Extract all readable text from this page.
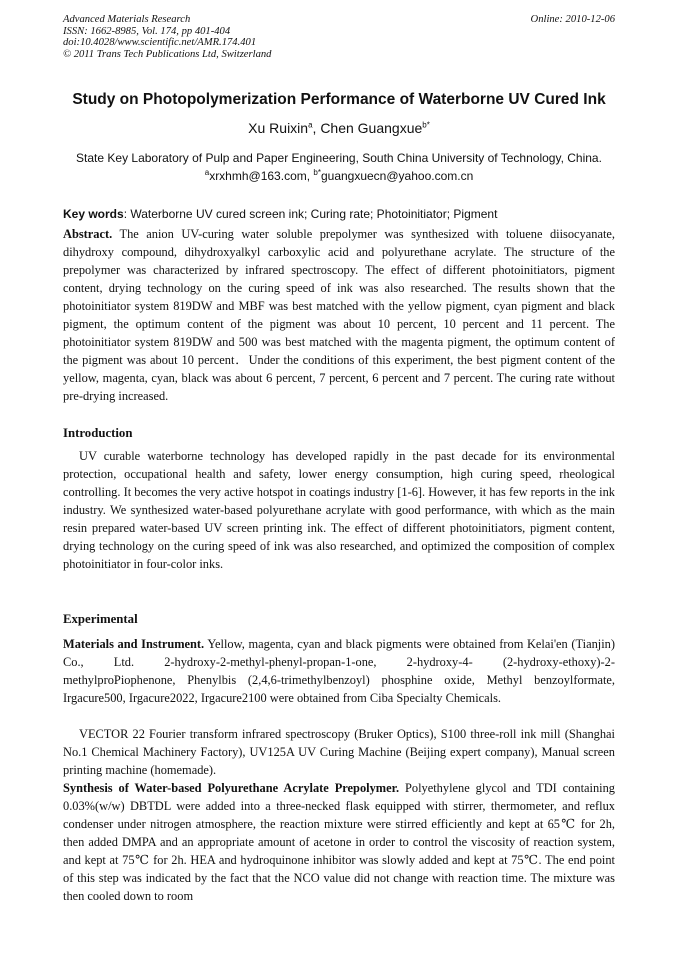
Advanced Materials Research
ISSN: 1662-8985, Vol. 174, pp 401-404
doi:10.4028/www.scientific.net/AMR.174.401
© 2011 Trans Tech Publications Ltd, Switzerland
Online: 2010-12-06
Study on Photopolymerization Performance of Waterborne UV Cured Ink
Xu Ruixin$^a$, Chen Guangxue$^{b*}$
State Key Laboratory of Pulp and Paper Engineering, South China University of Technology, China.
$^a$xrxhmh@163.com, $^{b*}$guangxuecn@yahoo.com.cn
Key words: Waterborne UV cured screen ink; Curing rate; Photoinitiator; Pigment
Abstract. The anion UV-curing water soluble prepolymer was synthesized with toluene diisocyanate, dihydroxy compound, dihydroxyalkyl carboxylic acid and polyurethane acrylate. The structure of the prepolymer was characterized by infrared spectroscopy. The effect of different photoinitiators, pigment content, drying technology on the curing speed of ink was also researched. The results shown that the photoinitiator system 819DW and MBF was best matched with the yellow pigment, cyan pigment and black pigment, the optimum content of the pigment was about 10 percent, 10 percent and 11 percent. The photoinitiator system 819DW and 500 was best matched with the magenta pigment, the optimum content of the pigment was about 10 percent．Under the conditions of this experiment, the best pigment content of the yellow, magenta, cyan, black was about 6 percent, 7 percent, 6 percent and 7 percent. The curing rate without pre-drying increased.
Introduction
UV curable waterborne technology has developed rapidly in the past decade for its environmental protection, occupational health and safety, lower energy consumption, high curing speed, rheological controlling. It becomes the very active hotspot in coatings industry [1-6]. However, it has few reports in the ink industry. We synthesized water-based polyurethane acrylate with good performance, with which as the main resin prepared water-based UV screen printing ink. The effect of different photoinitiators, pigment content, drying technology on the curing speed of ink was also researched, and optimized the composition of complex photoinitiator in four-color inks.
Experimental
Materials and Instrument. Yellow, magenta, cyan and black pigments were obtained from Kelai'en (Tianjin) Co., Ltd. 2-hydroxy-2-methyl-phenyl-propan-1-one, 2-hydroxy-4- (2-hydroxy-ethoxy)-2-methylproPiophenone, Phenylbis (2,4,6-trimethylbenzoyl) phosphine oxide, Methyl benzoylformate, Irgacure500, Irgacure2022, Irgacure2100 were obtained from Ciba Specialty Chemicals.
VECTOR 22 Fourier transform infrared spectroscopy (Bruker Optics), S100 three-roll ink mill (Shanghai No.1 Chemical Machinery Factory), UV125A UV Curing Machine (Beijing expert company), Manual screen printing machine (homemade).
Synthesis of Water-based Polyurethane Acrylate Prepolymer. Polyethylene glycol and TDI containing 0.03%(w/w) DBTDL were added into a three-necked flask equipped with stirrer, thermometer, and reflux condenser under nitrogen atmosphere, the reaction mixture were stirred efficiently and kept at 65℃ for 2h, then added DMPA and an appropriate amount of acetone in order to control the viscosity of reaction system, and kept at 75℃ for 2h. HEA and hydroquinone inhibitor was slowly added and kept at 75℃. The end point of this step was indicated by the fact that the NCO value did not change with reaction time. The mixture was then cooled down to room
